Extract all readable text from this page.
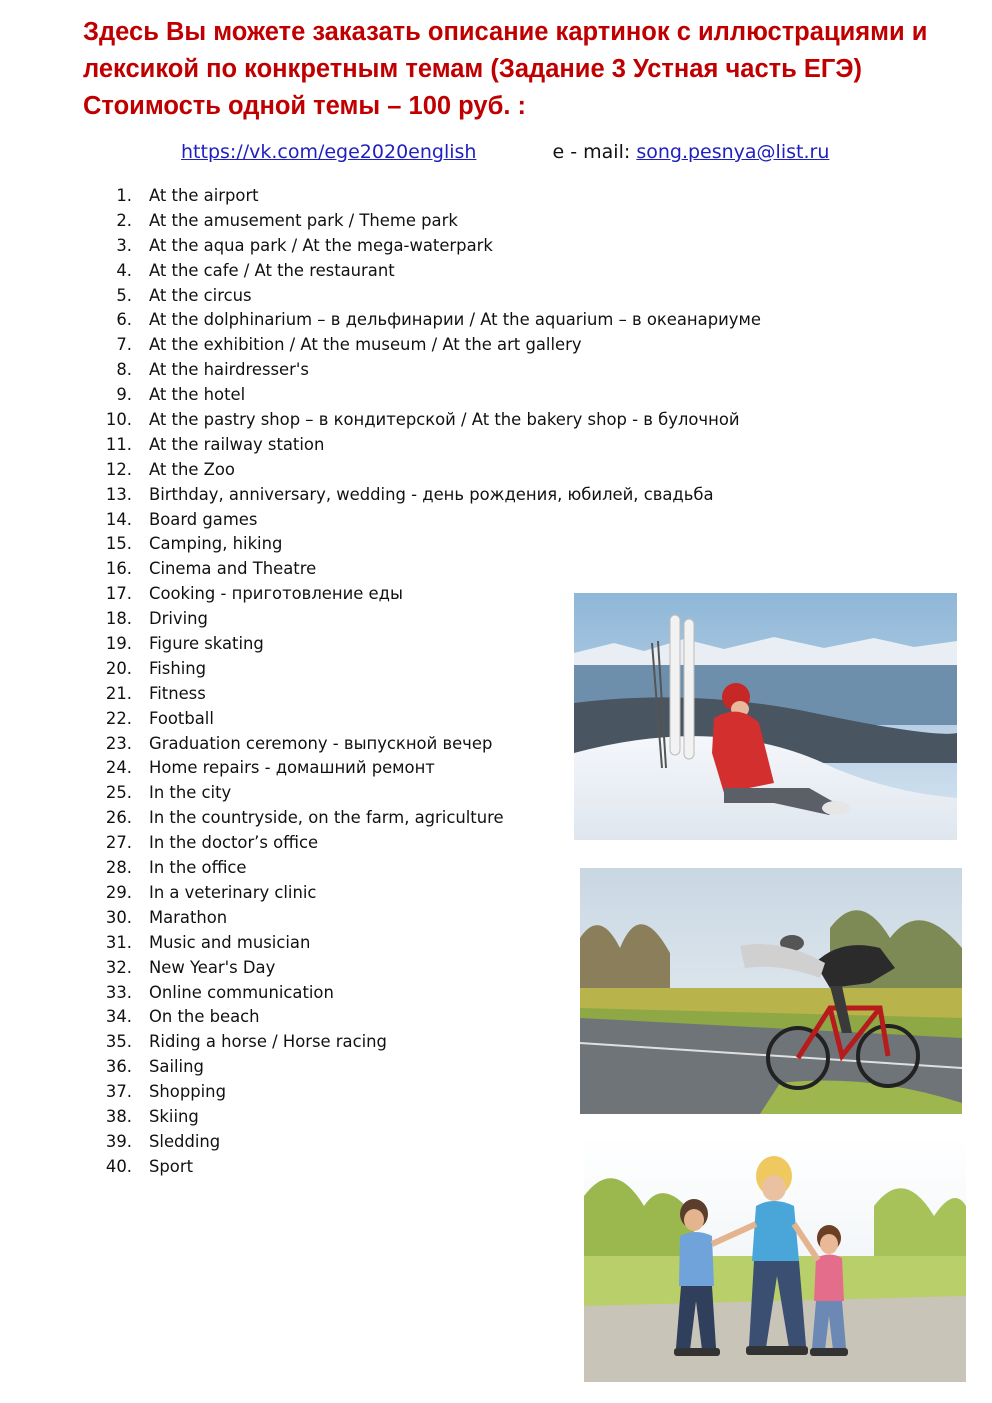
Здесь Вы можете заказать описание картинок с иллюстрациями и лексикой по конкретным темам (Задание 3 Устная часть ЕГЭ) Стоимость одной темы – 100 руб. :
https://vk.com/ege2020english	e - mail: song.pesnya@list.ru
1. At the airport
2. At the amusement park / Theme park
3. At the aqua park / At the mega-waterpark
4. At the cafe / At the restaurant
5. At the circus
6. At the dolphinarium – в дельфинарии / At the aquarium – в океанариуме
7. At the exhibition / At the museum / At the art gallery
8. At the hairdresser's
9. At the hotel
10. At the pastry shop – в кондитерской / At the bakery shop - в булочной
11. At the railway station
12. At the Zoo
13. Birthday, anniversary, wedding - день рождения, юбилей, свадьба
14. Board games
15. Camping, hiking
16. Cinema and Theatre
17. Cooking - приготовление еды
18. Driving
19. Figure skating
20. Fishing
21. Fitness
22. Football
23. Graduation ceremony - выпускной вечер
24. Home repairs - домашний ремонт
25. In the city
26. In the countryside, on the farm, agriculture
27. In the doctor’s office
28. In the office
29. In a veterinary clinic
30. Marathon
31. Music and musician
32. New Year's Day
33. Online communication
34. On the beach
35. Riding a horse / Horse racing
36. Sailing
37. Shopping
38. Skiing
39. Sledding
40. Sport
